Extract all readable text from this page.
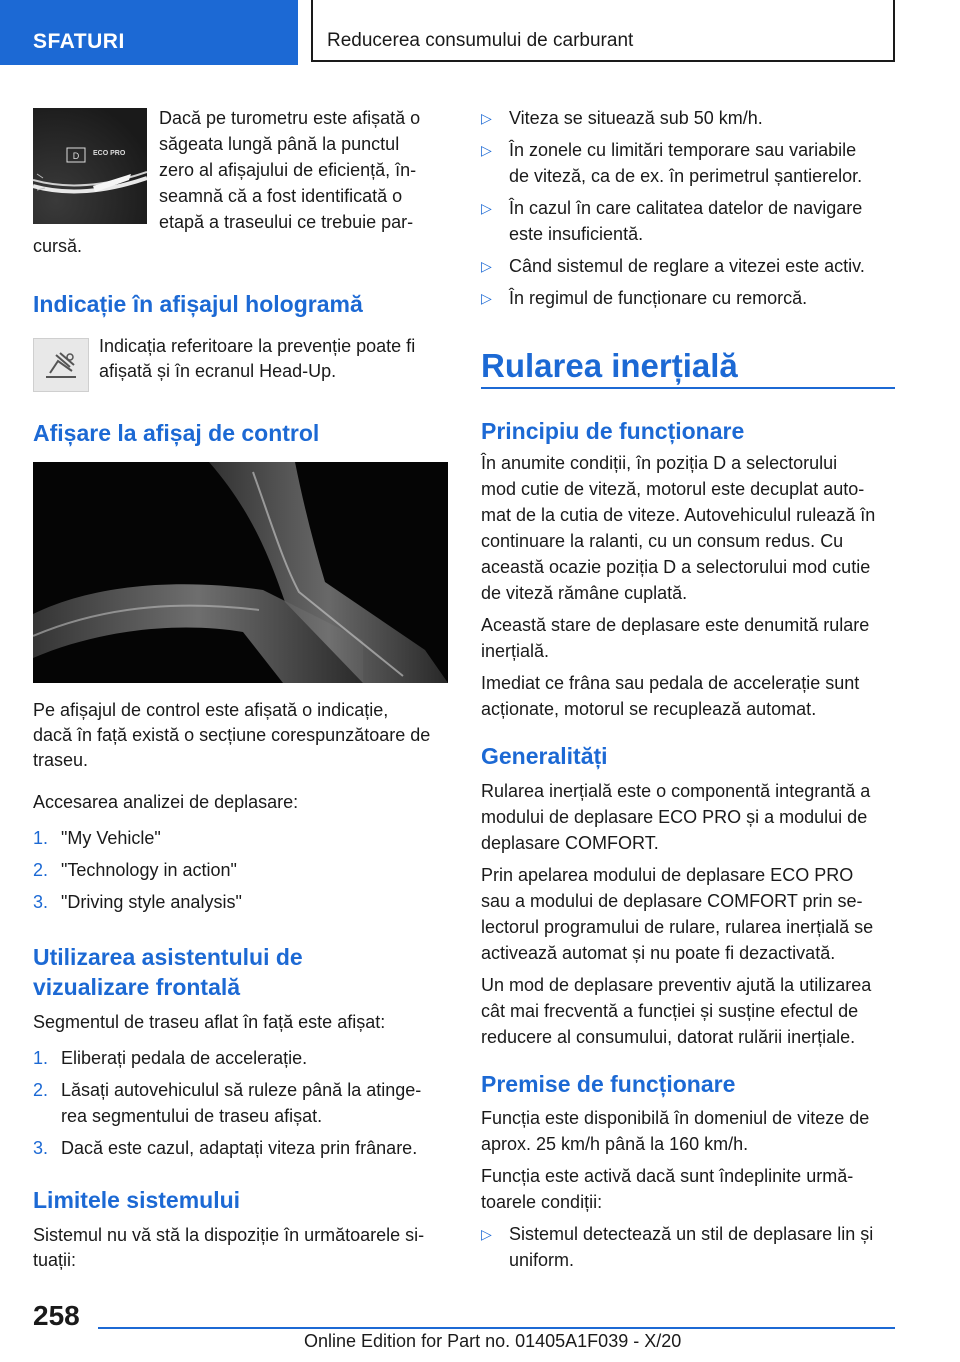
SFATURI	Reducerea consumului de carburant
D ECO PRO

Dacă pe turometru este afișată o

săgeata lungă până la punctul

zero al afișajului de eficiență, în-

seamnă că a fost identificată o

etapă a traseului ce trebuie par-

cursă.

Indicație în afișajul hologramă

Indicația referitoare la prevenție poate fi

afișată și în ecranul Head-Up.

Afișare la afișaj de control

Pe afișajul de control este afișată o indicație,

dacă în față există o secțiune corespunzătoare de

traseu.

Accesarea analizei de deplasare:

1. "My Vehicle"
2. "Technology in action"
3. "Driving style analysis"
Utilizarea asistentului de
vizualizare frontală

Segmentul de traseu aflat în față este afișat:

1. Eliberați pedala de accelerație.
2. Lăsați autovehiculul să ruleze până la atinge-
rea segmentului de traseu afișat.
3. Dacă este cazul, adaptați viteza prin frânare.
Limitele sistemului

Sistemul nu vă stă la dispoziție în următoarele si-

tuații:

▷ Viteza se situează sub 50 km/h.
▷ În zonele cu limitări temporare sau variabile
de viteză, ca de ex. în perimetrul șantierelor.
▷ În cazul în care calitatea datelor de navigare
este insuficientă.
▷ Când sistemul de reglare a vitezei este activ.
▷ În regimul de funcționare cu remorcă.
Rularea inerțială
Principiu de funcționare

În anumite condiții, în poziția D a selectorului

mod cutie de viteză, motorul este decuplat auto-

mat de la cutia de viteze. Autovehiculul rulează în

continuare la ralanti, cu un consum redus. Cu

această ocazie poziția D a selectorului mod cutie

de viteză rămâne cuplată.

Această stare de deplasare este denumită rulare

inerțială.

Imediat ce frâna sau pedala de accelerație sunt

acționate, motorul se recuplează automat.

Generalități

Rularea inerțială este o componentă integrantă a

modului de deplasare ECO PRO și a modului de

deplasare COMFORT.

Prin apelarea modului de deplasare ECO PRO

sau a modului de deplasare COMFORT prin se-

lectorul programului de rulare, rularea inerțială se

activează automat și nu poate fi dezactivată.

Un mod de deplasare preventiv ajută la utilizarea

cât mai frecventă a funcției și susține efectul de

reducere al consumului, datorat rulării inerțiale.

Premise de funcționare

Funcția este disponibilă în domeniul de viteze de

aprox. 25 km/h până la 160 km/h.

Funcția este activă dacă sunt îndeplinite urmă-

toarele condiții:

▷ Sistemul detectează un stil de deplasare lin și
uniform.
258
Online Edition for Part no. 01405A1F039 - X/20
